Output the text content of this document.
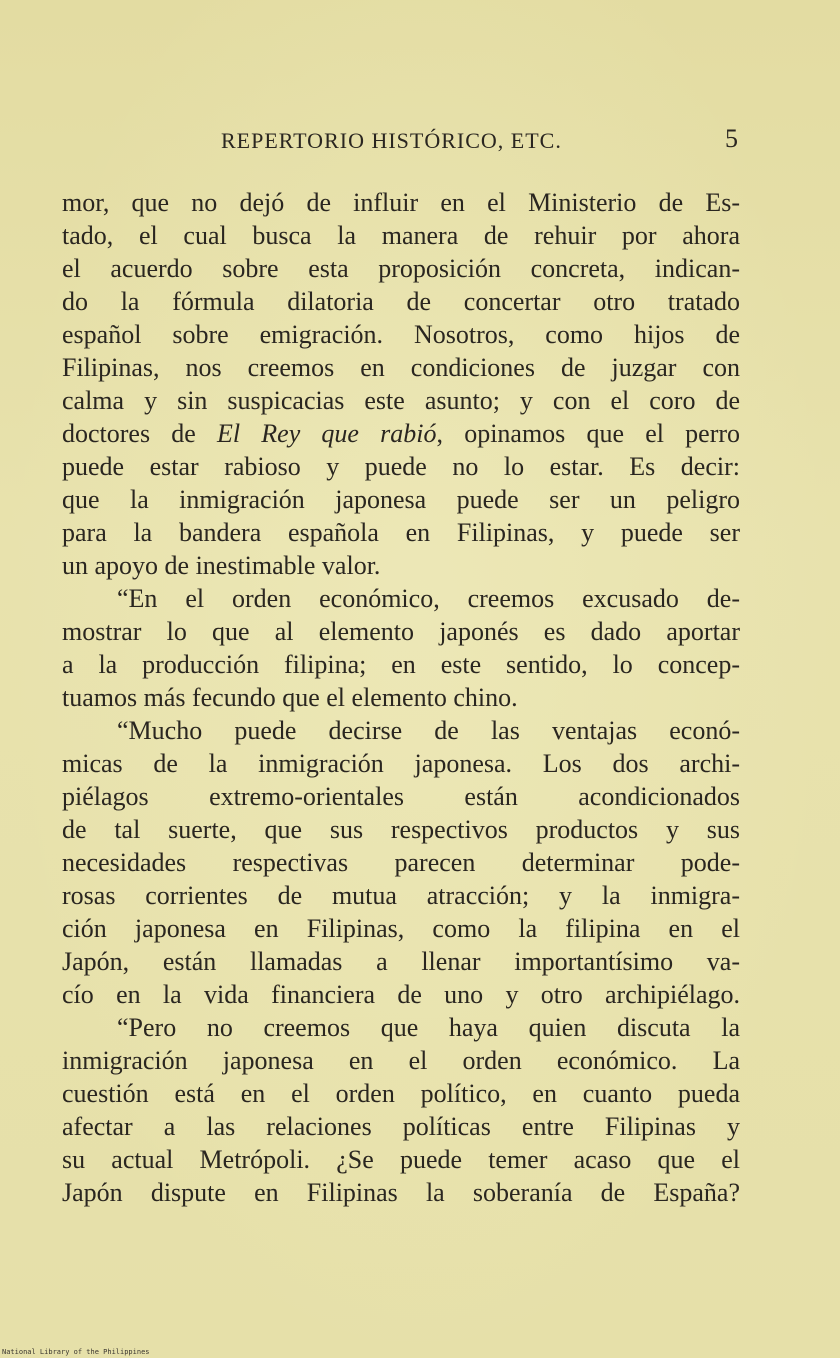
REPERTORIO HISTÓRICO, ETC.	5
mor, que no dejó de influir en el Ministerio de Es-
tado, el cual busca la manera de rehuir por ahora
el acuerdo sobre esta proposición concreta, indican-
do la fórmula dilatoria de concertar otro tratado
español sobre emigración. Nosotros, como hijos de
Filipinas, nos creemos en condiciones de juzgar con
calma y sin suspicacias este asunto; y con el coro de
doctores de El Rey que rabió, opinamos que el perro
puede estar rabioso y puede no lo estar. Es decir:
que la inmigración japonesa puede ser un peligro
para la bandera española en Filipinas, y puede ser
un apoyo de inestimable valor.
“En el orden económico, creemos excusado de-
mostrar lo que al elemento japonés es dado aportar
a la producción filipina; en este sentido, lo concep-
tuamos más fecundo que el elemento chino.
“Mucho puede decirse de las ventajas econó-
micas de la inmigración japonesa. Los dos archi-
piélagos extremo-orientales están acondicionados
de tal suerte, que sus respectivos productos y sus
necesidades respectivas parecen determinar pode-
rosas corrientes de mutua atracción; y la inmigra-
ción japonesa en Filipinas, como la filipina en el
Japón, están llamadas a llenar importantísimo va-
cío en la vida financiera de uno y otro archipiélago.
“Pero no creemos que haya quien discuta la
inmigración japonesa en el orden económico. La
cuestión está en el orden político, en cuanto pueda
afectar a las relaciones políticas entre Filipinas y
su actual Metrópoli. ¿Se puede temer acaso que el
Japón dispute en Filipinas la soberanía de España?
National Library of the Philippines
